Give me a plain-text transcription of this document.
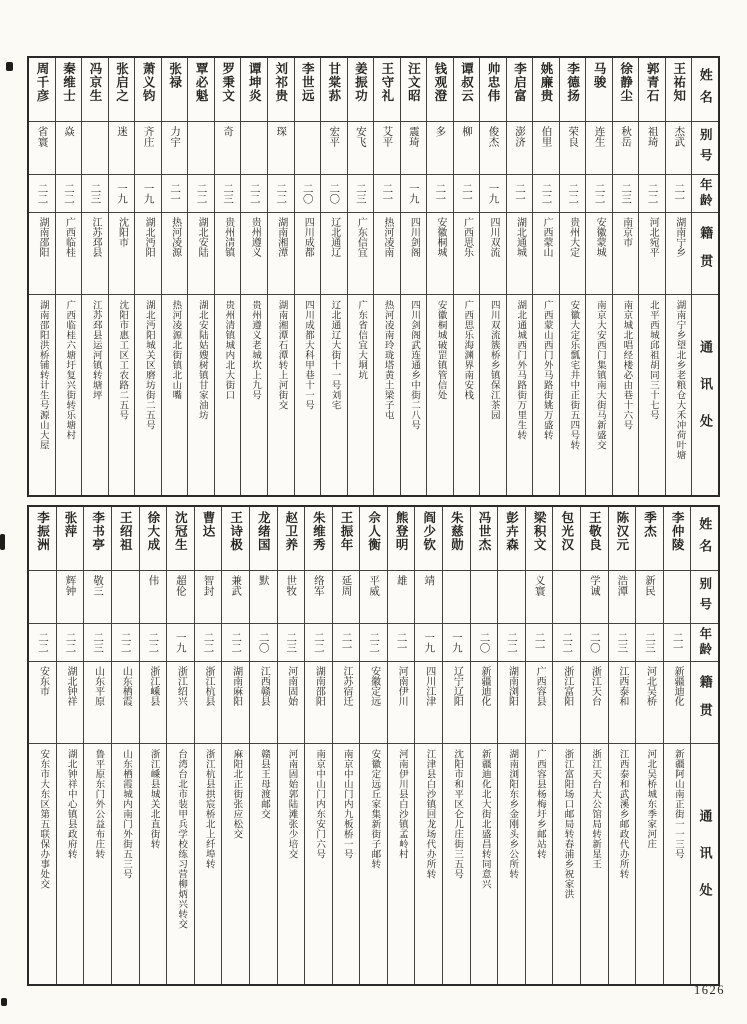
姓名
别号
年龄
籍贯
通讯处
王祐知
杰武
二一
湖南宁乡
湖南宁乡望北乡老粮仓大禾冲荷叶塘
郭青石
祖琦
二二
河北宛平
北平西城邱祖胡同三十七号
徐静尘
秋岳
二三
南京市
南京城北唱经楼必由巷十六号
马骏
连生
二二
安徽蒙城
南京大安西门集镇南大街马新盛交
李德扬
荣良
二二
贵州大定
安徽大定乐瓢宅井中正街五四号转
姚廉贵
伯里
二二
广西蒙山
广西蒙山西门外马路街姚万盛转
李启富
澎济
二一
湖北通城
湖北通城西门外马路街万里生转
帅忠伟
俊杰
一九
四川双流
四川双流簇桥乡镇保江茶园
谭叔云
柳
二一
广西思乐
广西思乐海渊界南安栈
钱观澄
多
二一
安徽桐城
安徽桐城破罡镇管信处
汪文昭
震琦
一九
四川剑阁
四川剑阁武连通乡中街二八号
王守礼
艾平
二一
热河凌南
热河凌南玲珑塔黄土梁子屯
姜振功
安飞
二三
广东信宜
广东省信宜大垌坑
甘棠荪
宏平
二〇
辽北通辽
辽北通辽大街十一号刘宅
李世远
二〇
四川成都
四川成都大科甲巷十一号
刘祁贵
琛
二二
湖南湘潭
湖南湘潭石潭转上河街交
谭坤炎
二二
贵州遵义
贵州遵义老城坎上九号
罗秉文
奇
二三
贵州清镇
贵州清镇城内北大街口
覃必魁
二二
湖北安陆
湖北安陆姑嫂树镇甘家油坊
张禄
力宇
二一
热河凌源
热河凌源北街镇北山嘴
萧义钧
齐庄
一九
湖北沔阳
湖北沔阳城关区磨坊街二五号
张启之
迷
一九
沈阳市
沈阳市惠工区工农路二五号
冯京生
二三
江苏邳县
江苏邳县运河镇转塘坪
秦维士
焱
二二
广西临桂
广西临桂六塘圩复兴街转乐塘村
周千彦
省寰
二二
湖南邵阳
湖南邵阳洪桥铺转计生号源山大屋
姓名
别号
年龄
籍贯
通讯处
李仲陵
二一
新疆迪化
新疆阿山南正街一一三号
季杰
新民
二三
河北吴桥
河北吴桥城东季家河庄
陈汉元
浩潭
二三
江西泰和
江西泰和武溪乡邮政代办所转
王敬良
学诚
二〇
浙江天台
浙江天台大公馆局转新星王
包光汉
二二
浙江富阳
浙江富阳场口邮局转春浦乡祝家洪
梁积文
义寰
二一
广西容县
广西容县杨梅圩乡邮站转
彭卉森
二二
湖南浏阳
湖南浏阳东乡金刚头乡公所转
冯世杰
二〇
新疆迪化
新疆迪化北大街北盛昌转同意兴
朱慈勋
一九
辽宁辽阳
沈阳市和平区仑儿庄街三五号
阎少钦
靖
一九
四川江津
江津县白沙镇回龙场代办所转
熊登明
雄
二一
河南伊川
河南伊川县白沙镇孟岭村
佘人衡
平威
二二
安徽定远
安徽定远丘家集新街子邮转
王振年
延周
二一
江苏宿迁
南京中山门内九板桥一号
朱维秀
络军
二二
湖南邵阳
南京中山门内东安门六号
赵卫养
世牧
二三
河南固始
河南固始郭陆滩张少培交
龙绪国
默
二〇
江西赣县
赣县王母渡邮交
王诗极
兼武
二二
湖南麻阳
麻阳北正街张应松交
曹达
智封
二二
浙江杭县
浙江杭县拱宸桥北上纤埠转
沈冠生
超伦
一九
浙江绍兴
台湾台北市装甲兵学校练习营柳炳兴转交
徐大成
伟
二二
浙江嵊县
浙江嵊县城关北直街转
王绍祖
二二
山东栖霞
山东栖霞城内南门外街五三号
李书亭
敬三
二三
山东平原
鲁平原东门外公益布庄转
张萍
辉钟
二二
湖北钟祥
湖北钟祥中心镇县政府转
李振洲
二二
安东市
安东市大东区第五联保办事处交
1626
